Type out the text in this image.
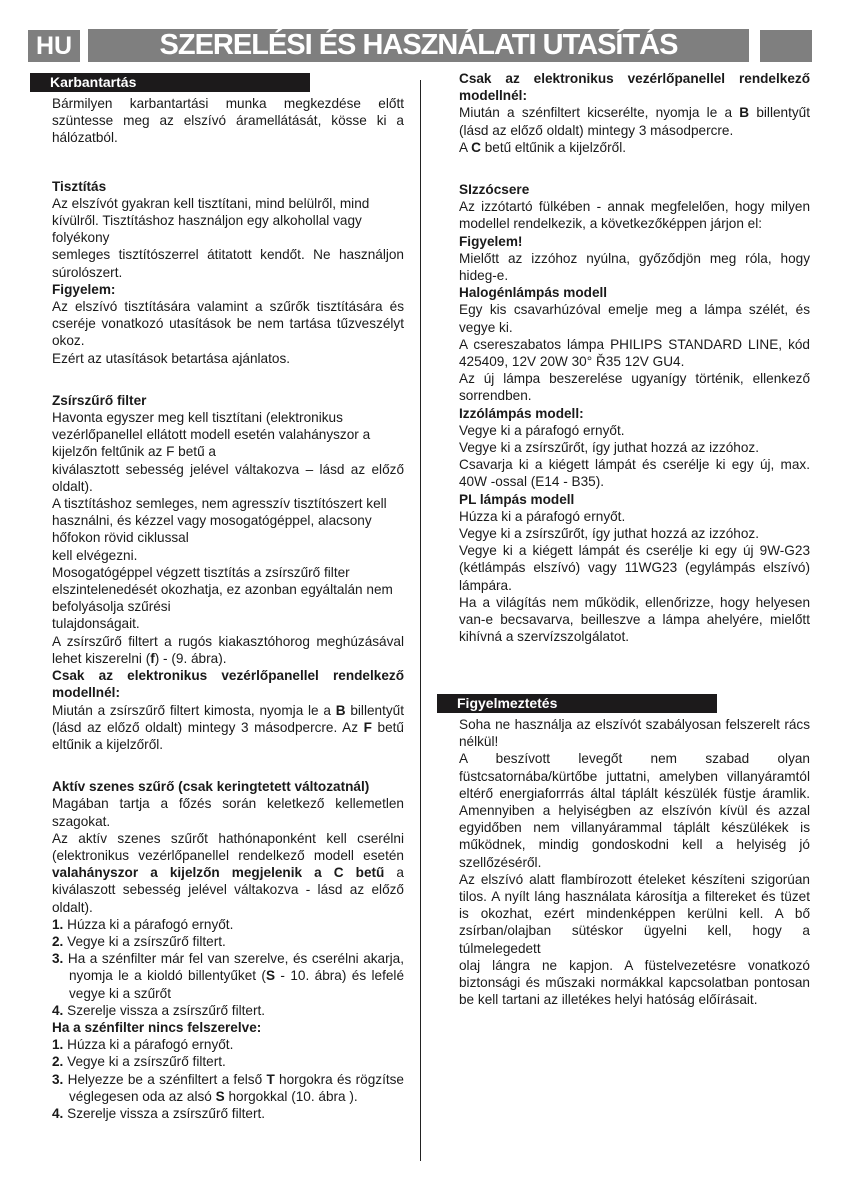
HU	SZERELÉSI ÉS HASZNÁLATI UTASÍTÁS
Karbantartás

Bármilyen karbantartási munka megkezdése előtt szüntesse meg az elszívó áramellátását, kösse ki a hálózatból.

Tisztítás

Az elszívót gyakran kell tisztítani, mind belülről, mind kívülről. Tisztításhoz használjon egy alkohollal vagy folyékony

semleges tisztítószerrel átitatott kendőt. Ne használjon súrolószert.

Figyelem:

Az elszívó tisztítására valamint a szűrők tisztítására és cseréje vonatkozó utasítások be nem tartása tűzveszélyt okoz.

Ezért az utasítások betartása ajánlatos.

Zsírszűrő filter

Havonta egyszer meg kell tisztítani (elektronikus vezérlőpanellel ellátott modell esetén valahányszor a kijelzőn feltűnik az F betű a

kiválasztott sebesség jelével váltakozva – lásd az előző oldalt).

A tisztításhoz semleges, nem agresszív tisztítószert kell használni, és kézzel vagy mosogatógéppel, alacsony hőfokon rövid ciklussal

kell elvégezni.

Mosogatógéppel végzett tisztítás a zsírszűrő filter elszintelenedését okozhatja, ez azonban egyáltalán nem befolyásolja szűrési

tulajdonságait.

A zsírszűrő filtert a rugós kiakasztóhorog meghúzásával lehet kiszerelni (f) - (9. ábra).

Csak az elektronikus vezérlőpanellel rendelkező modellnél:

Miután a zsírszűrő filtert kimosta, nyomja le a B billentyűt (lásd az előző oldalt) mintegy 3 másodpercre. Az F betű eltűnik a kijelzőről.

Aktív szenes szűrő (csak keringtetett változatnál)

Magában tartja a főzés során keletkező kellemetlen szagokat.

Az aktív szenes szűrőt hathónaponként kell cserélni (elektronikus vezérlőpanellel rendelkező modell esetén valahányszor a kijelzőn megjelenik a C betű a kiválaszott sebesség jelével váltakozva - lásd az előző oldalt).

1. Húzza ki a párafogó ernyőt.

2. Vegye ki a zsírszűrő filtert.

3. Ha a szénfilter már fel van szerelve, és cserélni akarja, nyomja le a kioldó billentyűket (S - 10. ábra) és lefelé vegye ki a szűrőt

4. Szerelje vissza a zsírszűrő filtert.

Ha a szénfilter nincs felszerelve:

1. Húzza ki a párafogó ernyőt.

2. Vegye ki a zsírszűrő filtert.

3. Helyezze be a szénfiltert a felső T horgokra és rögzítse véglegesen oda az alsó S horgokkal (10. ábra ).

4. Szerelje vissza a zsírszűrő filtert.

Csak az elektronikus vezérlőpanellel rendelkező modellnél:

Miután a szénfiltert kicserélte, nyomja le a B billentyűt (lásd az előző oldalt) mintegy 3 másodpercre.

A C betű eltűnik a kijelzőről.

SIzzócsere

Az izzótartó fülkében - annak megfelelően, hogy milyen modellel rendelkezik, a következőképpen járjon el:

Figyelem!

Mielőtt az izzóhoz nyúlna, győződjön meg róla, hogy hideg-e.

Halogénlámpás modell

Egy kis csavarhúzóval emelje meg a lámpa szélét, és vegye ki.

A csereszabatos lámpa PHILIPS STANDARD LINE, kód 425409, 12V 20W 30° Ř35 12V GU4.

Az új lámpa beszerelése ugyanígy történik, ellenkező sorrendben.

Izzólámpás modell:

Vegye ki a párafogó ernyőt.

Vegye ki a zsírszűrőt, így juthat hozzá az izzóhoz.

Csavarja ki a kiégett lámpát és cserélje ki egy új, max. 40W -ossal (E14 - B35).

PL lámpás modell

Húzza ki a párafogó ernyőt.

Vegye ki a zsírszűrőt, így juthat hozzá az izzóhoz.

Vegye ki a kiégett lámpát és cserélje ki egy új 9W-G23 (kétlámpás elszívó) vagy 11WG23 (egylámpás elszívó) lámpára.

Ha a világítás nem működik, ellenőrizze, hogy helyesen van-e becsavarva, beilleszve a lámpa ahelyére, mielőtt kihívná a szervízszolgálatot.

Figyelmeztetés

Soha ne használja az elszívót szabályosan felszerelt rács nélkül!

A beszívott levegőt nem szabad olyan füstcsatornába/kürtőbe juttatni, amelyben villanyáramtól eltérő energiaforrrás által táplált készülék füstje áramlik. Amennyiben a helyiségben az elszívón kívül és azzal egyidőben nem villanyárammal táplált készülékek is működnek, mindig gondoskodni kell a helyiség jó szellőzéséről.

Az elszívó alatt flambírozott ételeket készíteni szigorúan tilos. A nyílt láng használata károsítja a filtereket és tüzet is okozhat, ezért mindenképpen kerülni kell. A bő zsírban/olajban sütéskor ügyelni kell, hogy a túlmelegedett

olaj lángra ne kapjon. A füstelvezetésre vonatkozó biztonsági és műszaki normákkal kapcsolatban pontosan be kell tartani az illetékes helyi hatóság előírásait.
